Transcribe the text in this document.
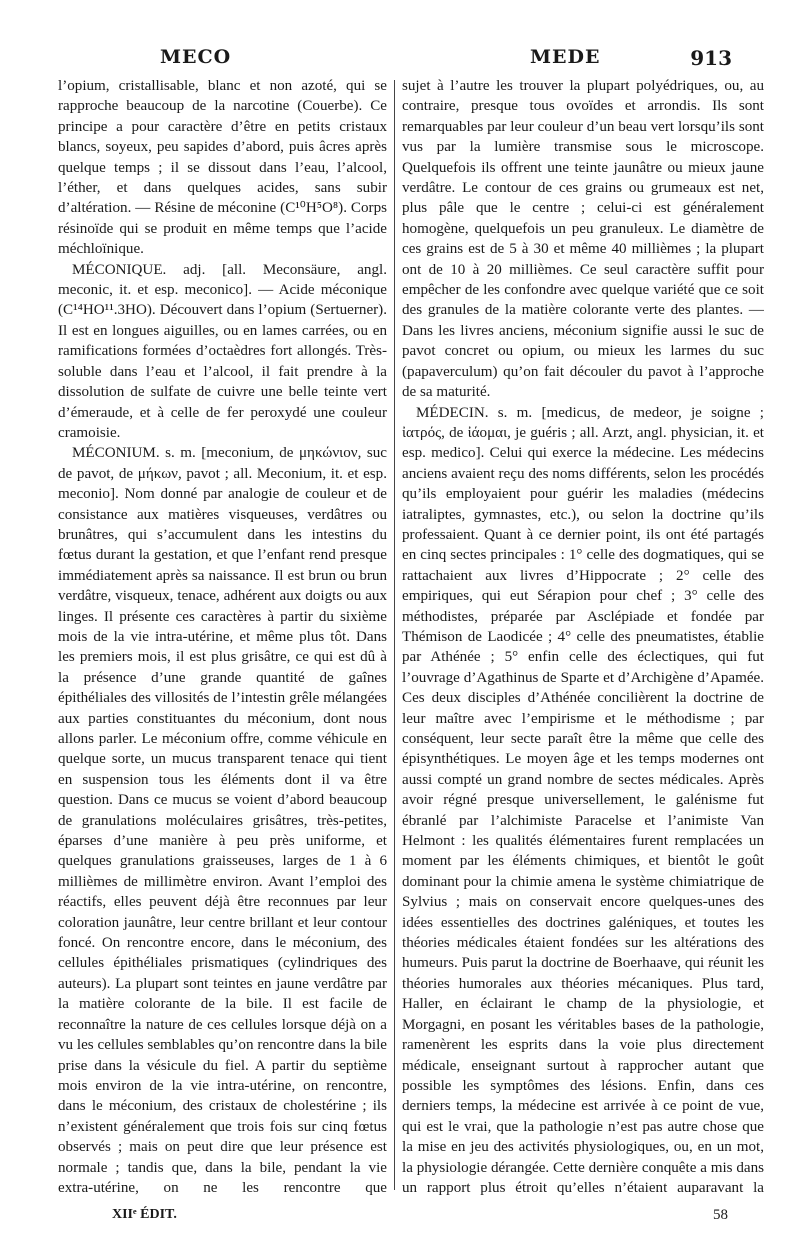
MECO	MEDE	913

l’opium, cristallisable, blanc et non azoté, qui se rapproche beaucoup de la narcotine (Couerbe). Ce principe a pour caractère d’être en petits cristaux blancs, soyeux, peu sapides d’abord, puis âcres après quelque temps ; il se dissout dans l’eau, l’alcool, l’éther, et dans quelques acides, sans subir d’altération. — Résine de méconine (C¹⁰H⁵O⁸). Corps résinoïde qui se produit en même temps que l’acide méchloïnique.

MÉCONIQUE. adj. [all. Meconsäure, angl. meconic, it. et esp. meconico]. — Acide méconique (C¹⁴HO¹¹.3HO). Découvert dans l’opium (Sertuerner). Il est en longues aiguilles, ou en lames carrées, ou en ramifications formées d’octaèdres fort allongés. Très-soluble dans l’eau et l’alcool, il fait prendre à la dissolution de sulfate de cuivre une belle teinte vert d’émeraude, et à celle de fer peroxydé une couleur cramoisie.

MÉCONIUM. s. m. [meconium, de μηκώνιον, suc de pavot, de μήκων, pavot ; all. Meconium, it. et esp. meconio]. Nom donné par analogie de couleur et de consistance aux matières visqueuses, verdâtres ou brunâtres, qui s’accumulent dans les intestins du fœtus durant la gestation, et que l’enfant rend presque immédiatement après sa naissance. Il est brun ou brun verdâtre, visqueux, tenace, adhérent aux doigts ou aux linges. Il présente ces caractères à partir du sixième mois de la vie intra-utérine, et même plus tôt. Dans les premiers mois, il est plus grisâtre, ce qui est dû à la présence d’une grande quantité de gaînes épithéliales des villosités de l’intestin grêle mélangées aux parties constituantes du méconium, dont nous allons parler. Le méconium offre, comme véhicule en quelque sorte, un mucus transparent tenace qui tient en suspension tous les éléments dont il va être question. Dans ce mucus se voient d’abord beaucoup de granulations moléculaires grisâtres, très-petites, éparses d’une manière à peu près uniforme, et quelques granulations graisseuses, larges de 1 à 6 millièmes de millimètre environ. Avant l’emploi des réactifs, elles peuvent déjà être reconnues par leur coloration jaunâtre, leur centre brillant et leur contour foncé. On rencontre encore, dans le méconium, des cellules épithéliales prismatiques (cylindriques des auteurs). La plupart sont teintes en jaune verdâtre par la matière colorante de la bile. Il est facile de reconnaître la nature de ces cellules lorsque déjà on a vu les cellules semblables qu’on rencontre dans la bile prise dans la vésicule du fiel. A partir du septième mois environ de la vie intra-utérine, on rencontre, dans le méconium, des cristaux de cholestérine ; ils n’existent généralement que trois fois sur cinq fœtus observés ; mais on peut dire que leur présence est normale ; tandis que, dans la bile, pendant la vie extra-utérine, on ne les rencontre que

sujet à l’autre les trouver la plupart polyédriques, ou, au contraire, presque tous ovoïdes et arrondis. Ils sont remarquables par leur couleur d’un beau vert lorsqu’ils sont vus par la lumière transmise sous le microscope. Quelquefois ils offrent une teinte jaunâtre ou mieux jaune verdâtre. Le contour de ces grains ou grumeaux est net, plus pâle que le centre ; celui-ci est généralement homogène, quelquefois un peu granuleux. Le diamètre de ces grains est de 5 à 30 et même 40 millièmes ; la plupart ont de 10 à 20 millièmes. Ce seul caractère suffit pour empêcher de les confondre avec quelque variété que ce soit des granules de la matière colorante verte des plantes. — Dans les livres anciens, méconium signifie aussi le suc de pavot concret ou opium, ou mieux les larmes du suc (papaverculum) qu’on fait découler du pavot à l’approche de sa maturité.

MÉDECIN. s. m. [medicus, de medeor, je soigne ; ἰατρός, de ἰάομαι, je guéris ; all. Arzt, angl. physician, it. et esp. medico]. Celui qui exerce la médecine. Les médecins anciens avaient reçu des noms différents, selon les procédés qu’ils employaient pour guérir les maladies (médecins iatraliptes, gymnastes, etc.), ou selon la doctrine qu’ils professaient. Quant à ce dernier point, ils ont été partagés en cinq sectes principales : 1° celle des dogmatiques, qui se rattachaient aux livres d’Hippocrate ; 2° celle des empiriques, qui eut Sérapion pour chef ; 3° celle des méthodistes, préparée par Asclépiade et fondée par Thémison de Laodicée ; 4° celle des pneumatistes, établie par Athénée ; 5° enfin celle des éclectiques, qui fut l’ouvrage d’Agathinus de Sparte et d’Archigène d’Apamée. Ces deux disciples d’Athénée concilièrent la doctrine de leur maître avec l’empirisme et le méthodisme ; par conséquent, leur secte paraît être la même que celle des épisynthétiques. Le moyen âge et les temps modernes ont aussi compté un grand nombre de sectes médicales. Après avoir régné presque universellement, le galénisme fut ébranlé par l’alchimiste Paracelse et l’animiste Van Helmont : les qualités élémentaires furent remplacées un moment par les éléments chimiques, et bientôt le goût dominant pour la chimie amena le système chimiatrique de Sylvius ; mais on conservait encore quelques-unes des idées essentielles des doctrines galéniques, et toutes les théories médicales étaient fondées sur les altérations des humeurs. Puis parut la doctrine de Boerhaave, qui réunit les théories humorales aux théories mécaniques. Plus tard, Haller, en éclairant le champ de la physiologie, et Morgagni, en posant les véritables bases de la pathologie, ramenèrent les esprits dans la voie plus directement médicale, enseignant surtout à rapprocher autant que possible les symptômes des lésions. Enfin, dans ces derniers temps, la médecine est arrivée à ce point de vue, qui est le vrai, que la pathologie n’est pas autre chose que la mise en jeu des activités physiologiques, ou, en un mot, la physiologie dérangée. Cette dernière conquête a mis dans un rapport plus étroit qu’elles n’étaient auparavant la

XIIᵉ ÉDIT.	58
